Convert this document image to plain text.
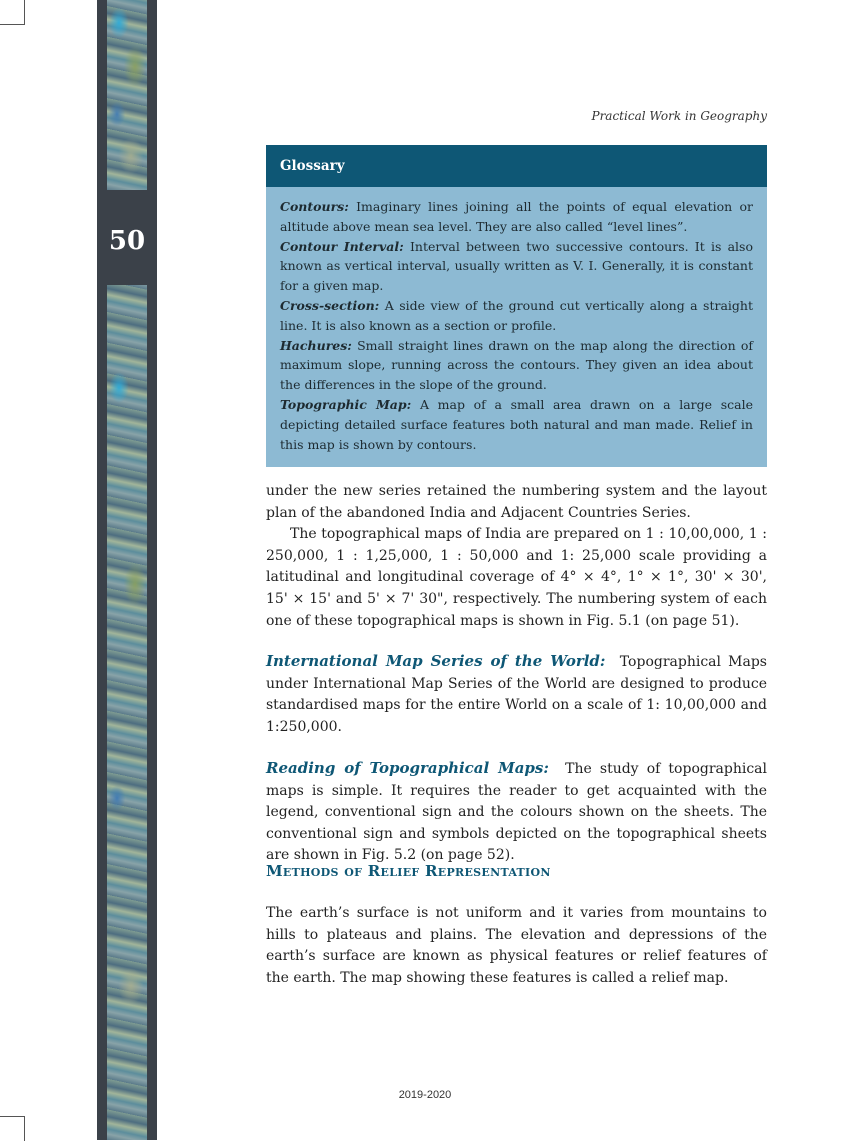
50
Practical Work in Geography
Glossary

Contours: Imaginary lines joining all the points of equal elevation or altitude above mean sea level. They are also called “level lines”.

Contour Interval: Interval between two successive contours. It is also known as vertical interval, usually written as V. I. Generally, it is constant for a given map.

Cross-section: A side view of the ground cut vertically along a straight line. It is also known as a section or profile.

Hachures: Small straight lines drawn on the map along the direction of maximum slope, running across the contours. They given an idea about the differences in the slope of the ground.

Topographic Map: A map of a small area drawn on a large scale depicting detailed surface features both natural and man made. Relief in this map is shown by contours.

under the new series retained the numbering system and the layout plan of the abandoned India and Adjacent Countries Series.

The topographical maps of India are prepared on 1 : 10,00,000, 1 : 250,000, 1 : 1,25,000, 1 : 50,000 and 1: 25,000 scale providing a latitudinal and longitudinal coverage of 4° × 4°, 1° × 1°, 30' × 30', 15' × 15' and 5' × 7' 30", respectively. The numbering system of each one of these topographical maps is shown in Fig. 5.1 (on page 51).

International Map Series of the World: Topographical Maps under International Map Series of the World are designed to produce standardised maps for the entire World on a scale of 1: 10,00,000 and 1:250,000.

Reading of Topographical Maps: The study of topographical maps is simple. It requires the reader to get acquainted with the legend, conventional sign and the colours shown on the sheets. The conventional sign and symbols depicted on the topographical sheets are shown in Fig. 5.2 (on page 52).

Methods of Relief Representation

The earth’s surface is not uniform and it varies from mountains to hills to plateaus and plains. The elevation and depressions of the earth’s surface are known as physical features or relief features of the earth. The map showing these features is called a relief map.

2019-2020
